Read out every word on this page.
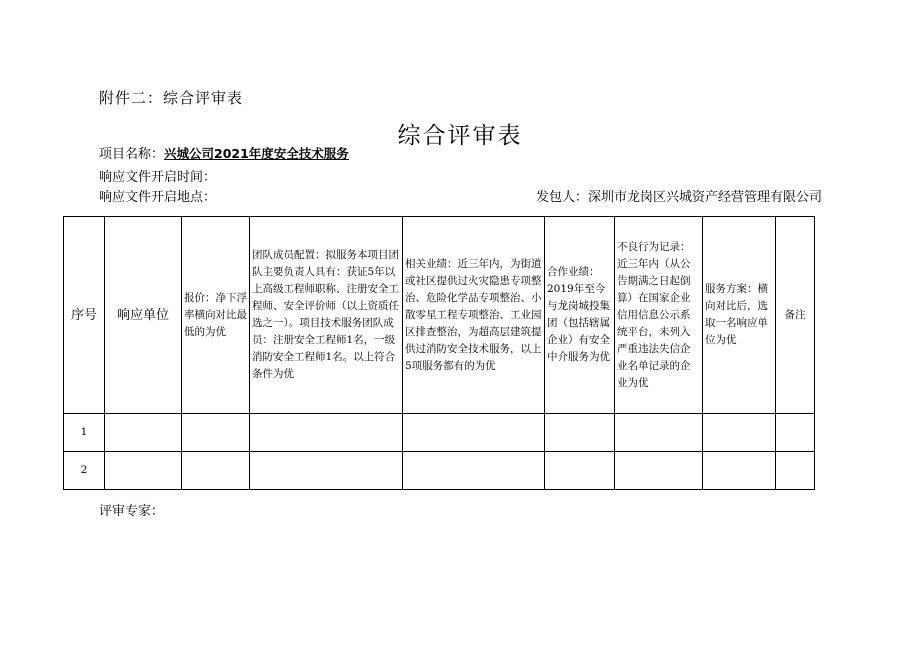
附件二：综合评审表
综合评审表
项目名称：兴城公司2021年度安全技术服务
响应文件开启时间：
响应文件开启地点：	发包人：深圳市龙岗区兴城资产经营管理有限公司
序号	响应单位	报价：净下浮率横向对比最低的为优	团队成员配置：拟服务本项目团队主要负责人具有：获证5年以上高级工程师职称、注册安全工程师、安全评价师（以上资质任选之一）。项目技术服务团队成员：注册安全工程师1名，一级消防安全工程师1名。以上符合条件为优	相关业绩：近三年内，为街道或社区提供过火灾隐患专项整治、危险化学品专项整治、小散零星工程专项整治、工业园区排查整治，为超高层建筑提供过消防安全技术服务，以上5项服务都有的为优	合作业绩：2019年至今与龙岗城投集团（包括辖属企业）有安全中介服务为优	不良行为记录：近三年内（从公告期满之日起倒算）在国家企业信用信息公示系统平台，未列入严重违法失信企业名单记录的企业为优	服务方案：横向对比后，选取一名响应单位为优	备注
1								
2								
评审专家：
